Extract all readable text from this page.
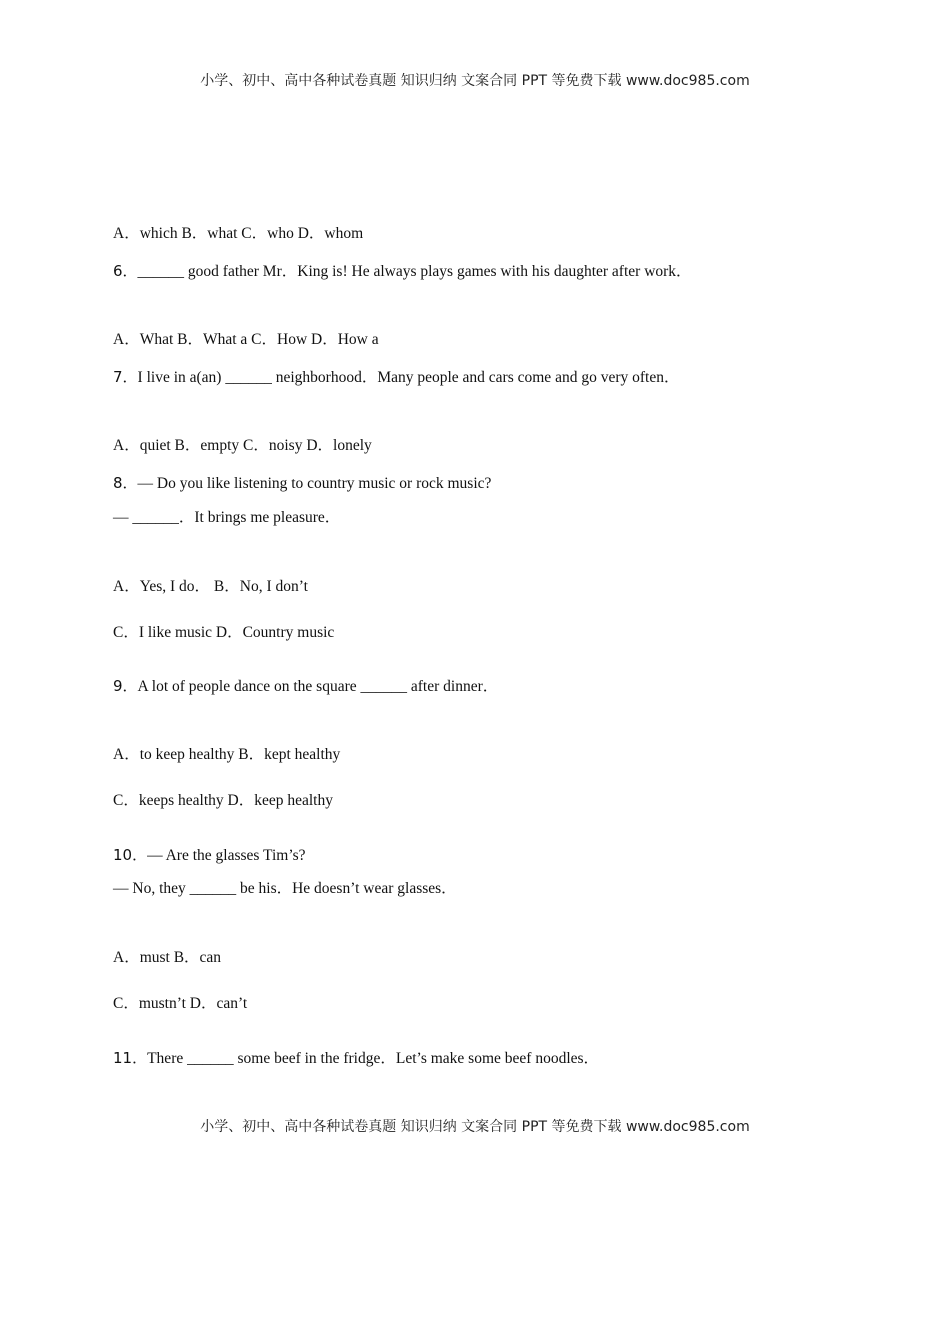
小学、初中、高中各种试卷真题 知识归纳 文案合同 PPT 等免费下载 www.doc985.com
A．which B．what C．who D．whom
6．______ good father Mr．King is! He always plays games with his daughter after work．
A．What B．What a C．How D．How a
7．I live in a(an) ______ neighborhood．Many people and cars come and go very often．
A．quiet B．empty C．noisy D．lonely
8．— Do you like listening to country music or rock music?
— ______．It brings me pleasure．
A．Yes, I do． B．No, I don’t
C．I like music D．Country music
9．A lot of people dance on the square ______ after dinner．
A．to keep healthy B．kept healthy
C．keeps healthy D．keep healthy
10．— Are the glasses Tim’s?
— No, they ______ be his．He doesn’t wear glasses．
A．must B．can
C．mustn’t D．can’t
11．There ______ some beef in the fridge．Let’s make some beef noodles．
小学、初中、高中各种试卷真题 知识归纳 文案合同 PPT 等免费下载 www.doc985.com
